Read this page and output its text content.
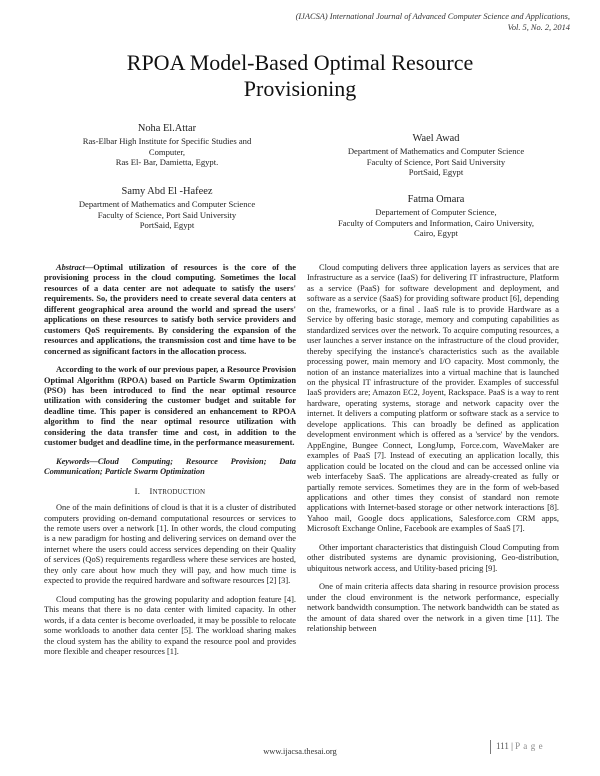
(IJACSA) International Journal of Advanced Computer Science and Applications,
Vol. 5, No. 2, 2014
RPOA Model-Based Optimal Resource
Provisioning
Noha El.Attar
Ras-Elbar High Institute for Specific Studies and
Computer,
Ras El- Bar, Damietta, Egypt.
Samy Abd El -Hafeez
Department of Mathematics and Computer Science
Faculty of Science, Port Said University
PortSaid, Egypt
Wael Awad
Department of Mathematics and Computer Science
Faculty of Science, Port Said University
PortSaid, Egypt
Fatma Omara
Departement of Computer Science,
Faculty of Computers and Information, Cairo University,
Cairo, Egypt

Abstract—Optimal utilization of resources is the core of the provisioning process in the cloud computing. Sometimes the local resources of a data center are not adequate to satisfy the users' requirements. So, the providers need to create several data centers at different geographical area around the world and spread the users' applications on these resources to satisfy both service providers and customers QoS requirements. By considering the expansion of the resources and applications, the transmission cost and time have to be concerned as significant factors in the allocation process.

According to the work of our previous paper, a Resource Provision Optimal Algorithm (RPOA) based on Particle Swarm Optimization (PSO) has been introduced to find the near optimal resource utilization with considering the customer budget and suitable for deadline time. This paper is considered an enhancement to RPOA algorithm to find the near optimal resource utilization with considering the data transfer time and cost, in addition to the customer budget and deadline time, in the performance measurement.

Keywords—Cloud Computing; Resource Provision; Data Communication; Particle Swarm Optimization

I. INTRODUCTION

One of the main definitions of cloud is that it is a cluster of distributed computers providing on-demand computational resources or services to the remote users over a network [1]. In other words, the cloud computing is a new paradigm for hosting and delivering services on demand over the internet where the users could access services depending on their Quality of services (QoS) requirements regardless where these services are hosted, they only care about how much they will pay, and how much time is expected to provide the required hardware and software resources [2] [3].

Cloud computing has the growing popularity and adoption feature [4]. This means that there is no data center with limited capacity. In other words, if a data center is become overloaded, it may be possible to relocate some workloads to another data center [5]. The workload sharing makes the cloud system has the ability to expand the resource pool and provides more flexible and cheaper resources [1].

Cloud computing delivers three application layers as services that are Infrastructure as a service (IaaS) for delivering IT infrastructure, Platform as a service (PaaS) for software development and deployment, and software as a service (SaaS) for providing software product [6], depending on the, frameworks, or a final . IaaS rule is to provide Hardware as a Service by offering basic storage, memory and computing capabilities as standardized services over the network. To acquire computing resources, a user launches a server instance on the infrastructure of the cloud provider, thereby specifying the instance's characteristics such as the available processing power, main memory and I/O capacity. Most commonly, the notion of an instance materializes into a virtual machine that is launched on the physical IT infrastructure of the provider. Examples of successful IaaS providers are; Amazon EC2, Joyent, Rackspace. PaaS is a way to rent hardware, operating systems, storage and network capacity over the internet. It delivers a computing platform or software stack as a service to develope applications. This can broadly be defined as application development environment which is offered as a 'service' by the vendors. AppEngine, Bungee Connect, LongJump, Force.com, WaveMaker are examples of PaaS [7]. Instead of executing an application locally, this application could be located on the cloud and can be accessed online via web interfaceby SaaS. The applications are already-created as fully or partially remote services. Sometimes they are in the form of web-based applications and other times they consist of standard non remote applications with Internet-based storage or other network interactions [8]. Yahoo mail, Google docs applications, Salesforce.com CRM apps, Microsoft Exchange Online, Facebook are examples of SaaS [7].

Other important characteristics that distinguish Cloud Computing from other distributed systems are dynamic provisioning, Geo-distribution, ubiquitous network access, and Utility-based pricing [9].

One of main criteria affects data sharing in resource provision process under the cloud environment is the network performance, especially network bandwidth consumption. The network bandwidth can be stated as the amount of data shared over the network in a given time [11]. The relationship between

111 | P a g e
www.ijacsa.thesai.org
